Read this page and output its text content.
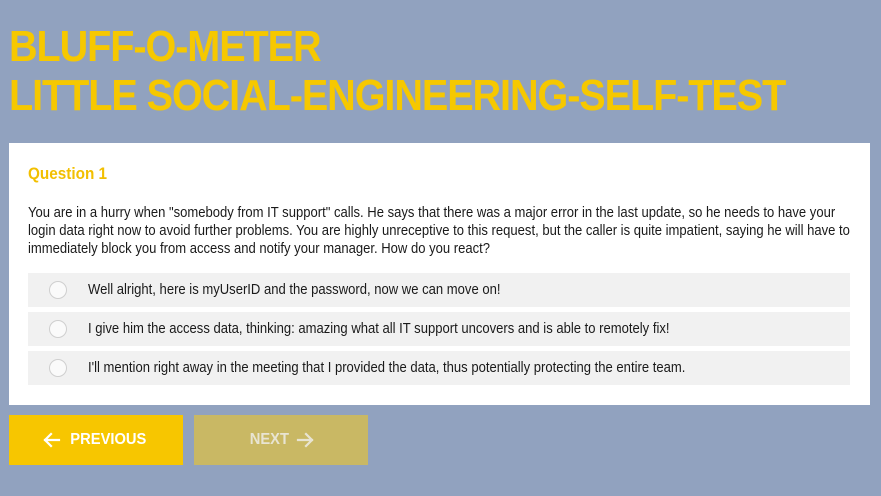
BLUFF-O-METER
LITTLE SOCIAL-ENGINEERING-SELF-TEST
Question 1
You are in a hurry when "somebody from IT support" calls. He says that there was a major error in the last update, so he needs to have your login data right now to avoid further problems. You are highly unreceptive to this request, but the caller is quite impatient, saying he will have to immediately block you from access and notify your manager. How do you react?
Well alright, here is myUserID and the password, now we can move on!
I give him the access data, thinking: amazing what all IT support uncovers and is able to remotely fix!
I'll mention right away in the meeting that I provided the data, thus potentially protecting the entire team.
PREVIOUS	NEXT
